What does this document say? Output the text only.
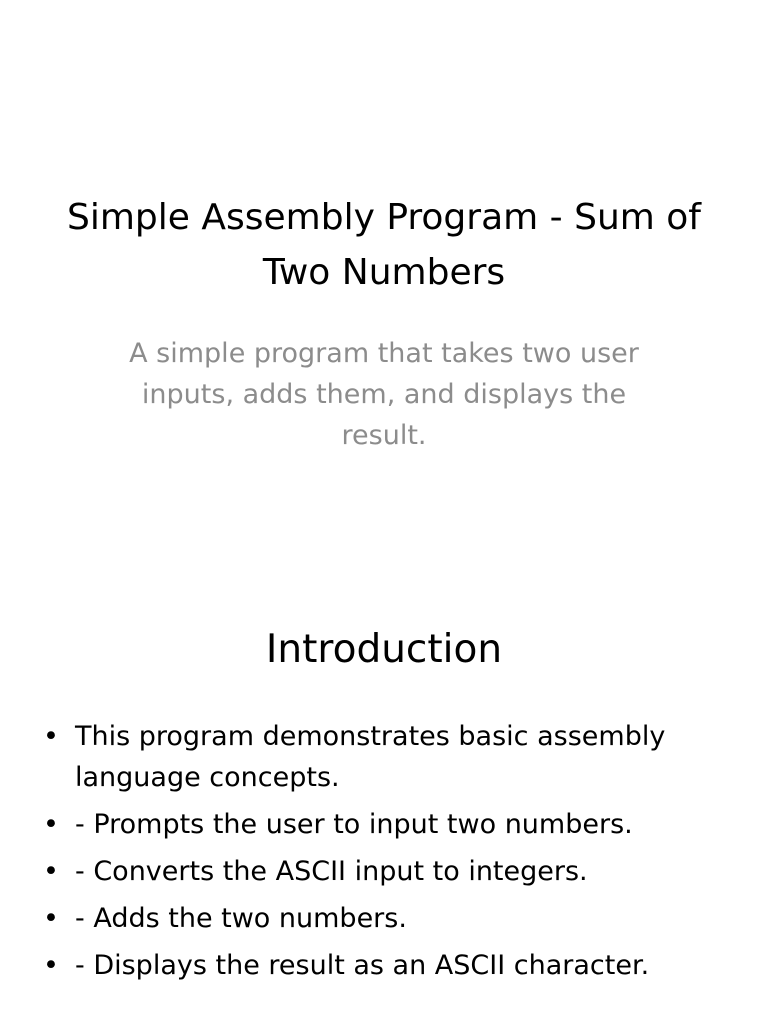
Simple Assembly Program - Sum of Two Numbers

A simple program that takes two user inputs, adds them, and displays the result.

Introduction
• This program demonstrates basic assembly language concepts.
• - Prompts the user to input two numbers.
• - Converts the ASCII input to integers.
• - Adds the two numbers.
• - Displays the result as an ASCII character.
